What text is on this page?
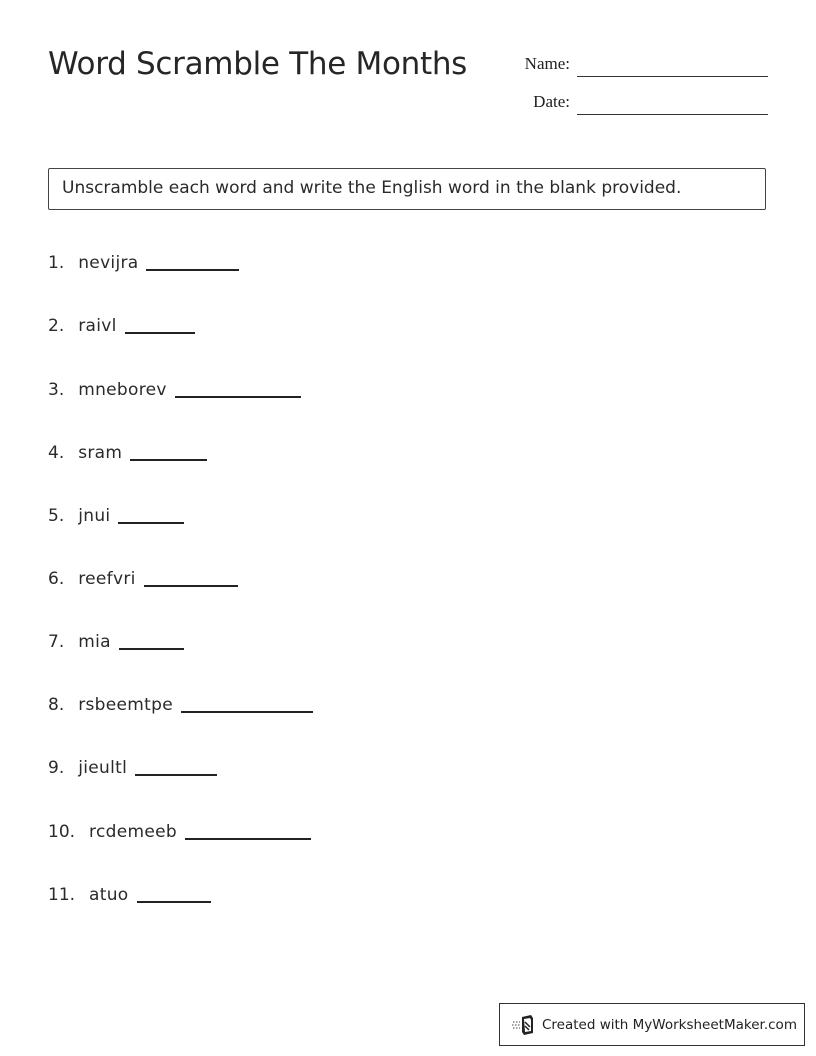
Word Scramble The Months	Name:
Date:
Unscramble each word and write the English word in the blank provided.
1. nevijra
2. raivl
3. mneborev
4. sram
5. jnui
6. reefvri
7. mia
8. rsbeemtpe
9. jieultl
10. rcdemeeb
11. atuo
Created with MyWorksheetMaker.com
